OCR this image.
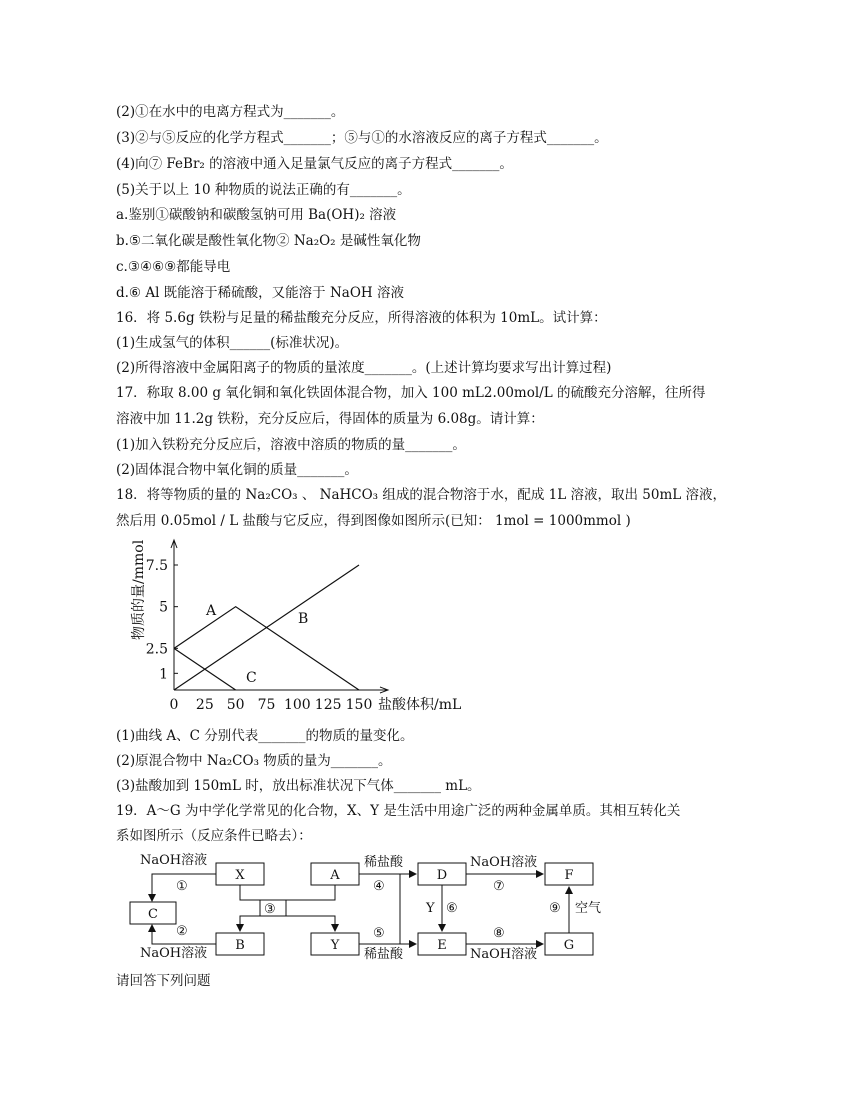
(2)①在水中的电离方程式为_______。
(3)②与⑤反应的化学方程式_______；⑤与①的水溶液反应的离子方程式_______。
(4)向⑦ FeBr₂ 的溶液中通入足量氯气反应的离子方程式_______。
(5)关于以上 10 种物质的说法正确的有_______。
a.鉴别①碳酸钠和碳酸氢钠可用 Ba(OH)₂ 溶液
b.⑤二氧化碳是酸性氧化物② Na₂O₂ 是碱性氧化物
c.③④⑥⑨都能导电
d.⑥ Al 既能溶于稀硫酸，又能溶于 NaOH 溶液
16．将 5.6g 铁粉与足量的稀盐酸充分反应，所得溶液的体积为 10mL。试计算：
(1)生成氢气的体积______(标准状况)。
(2)所得溶液中金属阳离子的物质的量浓度_______。(上述计算均要求写出计算过程)
17．称取 8.00 g 氧化铜和氧化铁固体混合物，加入 100 mL2.00mol/L 的硫酸充分溶解，往所得
溶液中加 11.2g 铁粉，充分反应后，得固体的质量为 6.08g。请计算：
(1)加入铁粉充分反应后，溶液中溶质的物质的量_______。
(2)固体混合物中氧化铜的质量_______。
18．将等物质的量的 Na₂CO₃ 、 NaHCO₃ 组成的混合物溶于水，配成 1L 溶液，取出 50mL 溶液，
然后用 0.05mol / L 盐酸与它反应，得到图像如图所示(已知： 1mol = 1000mmol )
1
2.5
5
7.5
0 25 50 75 100 125 150 盐酸体积/mL
物质的量/mmol	A	B
C
(1)曲线 A、C 分别代表_______的物质的量变化。
(2)原混合物中 Na₂CO₃ 物质的量为_______。
(3)盐酸加到 150mL 时，放出标准状况下气体_______ mL。
19．A～G 为中学化学常见的化合物，X、Y 是生活中用途广泛的两种金属单质。其相互转化关
系如图所示（反应条件已略去）：
X	A	D	F
C
B	Y	E	G
NaOH溶液
①
②
NaOH溶液
③
稀盐酸
④
⑤
稀盐酸
Y ⑥
NaOH溶液
⑦
⑧
NaOH溶液
⑨ 空气
请回答下列问题
